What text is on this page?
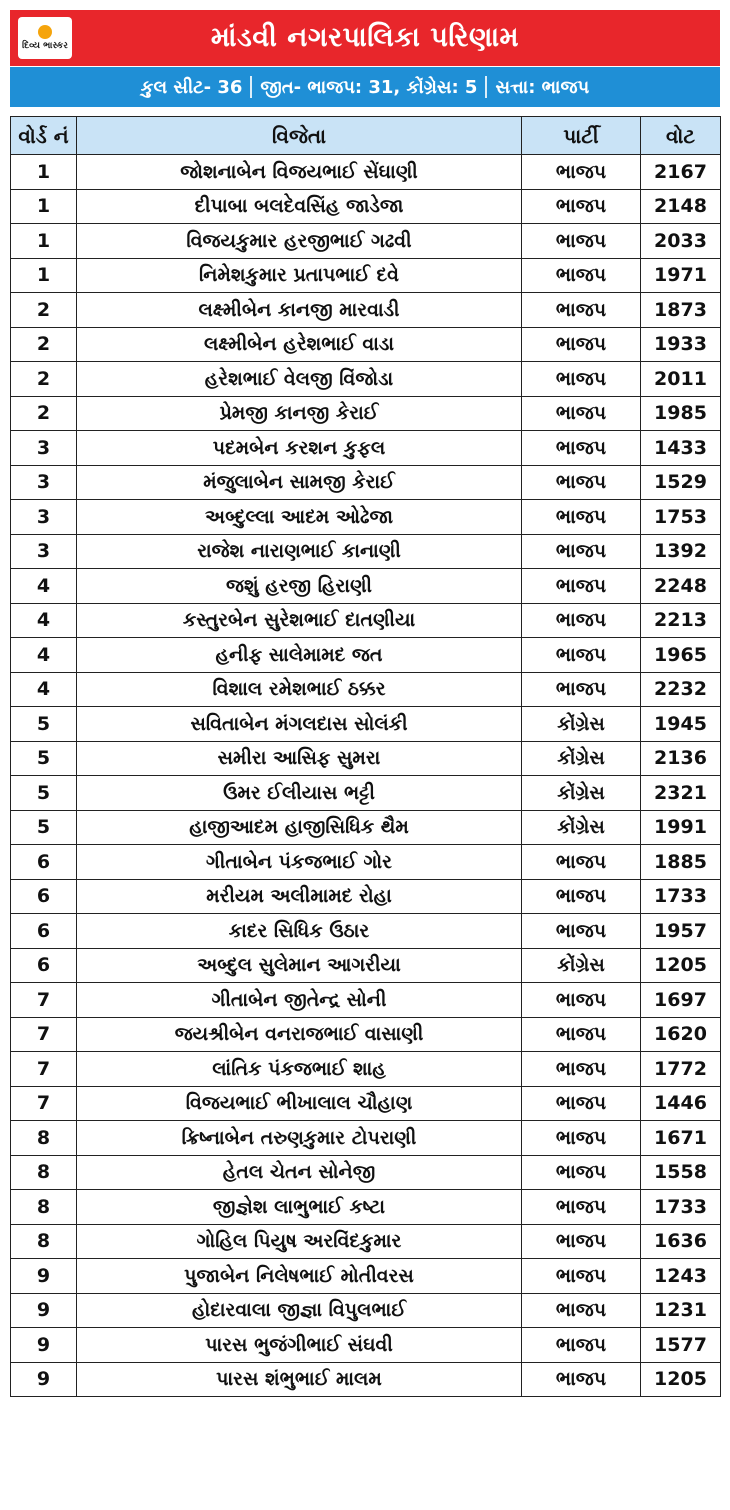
દિવ્ય ભાસ્કર	માંડવી નગરપાલિકા પરિણામ
કુલ સીટ- 36 જીત- ભાજપ: 31, કોંગ્રેસ: 5 સત્તા: ભાજપ
વોર્ડ નં	વિજેતા	પાર્ટી	વોટ
1	જોશનાબેન વિજયભાઈ સેંઘાણી	ભાજપ	2167
1	દીપાબા બલદેવસિંહ જાડેજા	ભાજપ	2148
1	વિજયકુમાર હરજીભાઈ ગઢવી	ભાજપ	2033
1	નિમેશકુમાર પ્રતાપભાઈ દવે	ભાજપ	1971
2	લક્ષ્મીબેન કાનજી મારવાડી	ભાજપ	1873
2	લક્ષ્મીબેન હરેશભાઈ વાડા	ભાજપ	1933
2	હરેશભાઈ વેલજી વિંજોડા	ભાજપ	2011
2	પ્રેમજી કાનજી કેરાઈ	ભાજપ	1985
3	પદમબેન કરશન કુફલ	ભાજપ	1433
3	મંજુલાબેન સામજી કેરાઈ	ભાજપ	1529
3	અબ્દુલ્લા આદમ ઓઢેજા	ભાજપ	1753
3	રાજેશ નારાણભાઈ કાનાણી	ભાજપ	1392
4	જશું હરજી હિરાણી	ભાજપ	2248
4	કસ્તુરબેન સુરેશભાઈ દાતણીયા	ભાજપ	2213
4	હનીફ સાલેમામદ જત	ભાજપ	1965
4	વિશાલ રમેશભાઈ ઠક્કર	ભાજપ	2232
5	સવિતાબેન મંગલદાસ સોલંકી	કોંગ્રેસ	1945
5	સમીરા આસિફ સુમરા	કોંગ્રેસ	2136
5	ઉમર ઈલીયાસ ભટ્ટી	કોંગ્રેસ	2321
5	હાજીઆદમ હાજીસિધિક થૈમ	કોંગ્રેસ	1991
6	ગીતાબેન પંકજભાઈ ગોર	ભાજપ	1885
6	મરીયમ અલીમામદ રોહા	ભાજપ	1733
6	કાદર સિધિક ઉઠાર	ભાજપ	1957
6	અબ્દુલ સુલેમાન આગરીયા	કોંગ્રેસ	1205
7	ગીતાબેન જીતેન્દ્ર સોની	ભાજપ	1697
7	જયશ્રીબેન વનરાજભાઈ વાસાણી	ભાજપ	1620
7	લાંતિક પંકજભાઈ શાહ	ભાજપ	1772
7	વિજયભાઈ ભીખાલાલ ચૌહાણ	ભાજપ	1446
8	ક્રિષ્નાબેન તરુણકુમાર ટોપરાણી	ભાજપ	1671
8	હેતલ ચેતન સોનેજી	ભાજપ	1558
8	જીજ્ઞેશ લાભુભાઈ કષ્ટા	ભાજપ	1733
8	ગોહિલ પિયુષ અરવિંદકુમાર	ભાજપ	1636
9	પુજાબેન નિલેષભાઈ મોતીવરસ	ભાજપ	1243
9	હોદારવાલા જીજ્ઞા વિપુલભાઈ	ભાજપ	1231
9	પારસ ભુજંગીભાઈ સંઘવી	ભાજપ	1577
9	પારસ શંભુભાઈ માલમ	ભાજપ	1205
